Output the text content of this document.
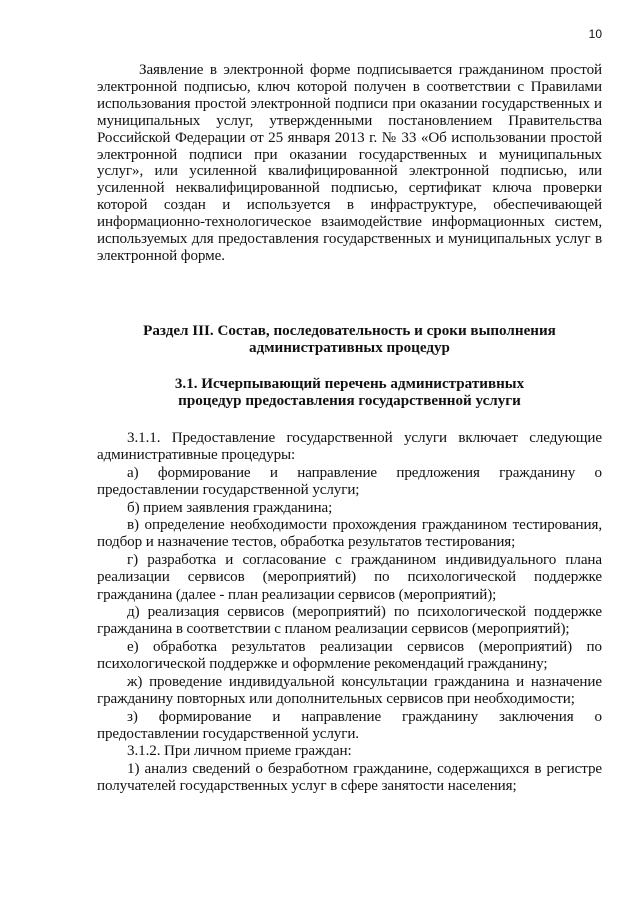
10

Заявление в электронной форме подписывается гражданином простой электронной подписью, ключ которой получен в соответствии с Правилами использования простой электронной подписи при оказании государственных и муниципальных услуг, утвержденными постановлением Правительства Российской Федерации от 25 января 2013 г. № 33 «Об использовании простой электронной подписи при оказании государственных и муниципальных услуг», или усиленной квалифицированной электронной подписью, или усиленной неквалифицированной подписью, сертификат ключа проверки которой создан и используется в инфраструктуре, обеспечивающей информационно-технологическое взаимодействие информационных систем, используемых для предоставления государственных и муниципальных услуг в электронной форме.

Раздел III. Состав, последовательность и сроки выполнения

административных процедур

3.1. Исчерпывающий перечень административных

процедур предоставления государственной услуги

3.1.1. Предоставление государственной услуги включает следующие административные процедуры:

а) формирование и направление предложения гражданину о предоставлении государственной услуги;

б) прием заявления гражданина;

в) определение необходимости прохождения гражданином тестирования, подбор и назначение тестов, обработка результатов тестирования;

г) разработка и согласование с гражданином индивидуального плана реализации сервисов (мероприятий) по психологической поддержке гражданина (далее - план реализации сервисов (мероприятий);

д) реализация сервисов (мероприятий) по психологической поддержке гражданина в соответствии с планом реализации сервисов (мероприятий);

е) обработка результатов реализации сервисов (мероприятий) по психологической поддержке и оформление рекомендаций гражданину;

ж) проведение индивидуальной консультации гражданина и назначение гражданину повторных или дополнительных сервисов при необходимости;

з) формирование и направление гражданину заключения о предоставлении государственной услуги.

3.1.2. При личном приеме граждан:

1) анализ сведений о безработном гражданине, содержащихся в регистре получателей государственных услуг в сфере занятости населения;
